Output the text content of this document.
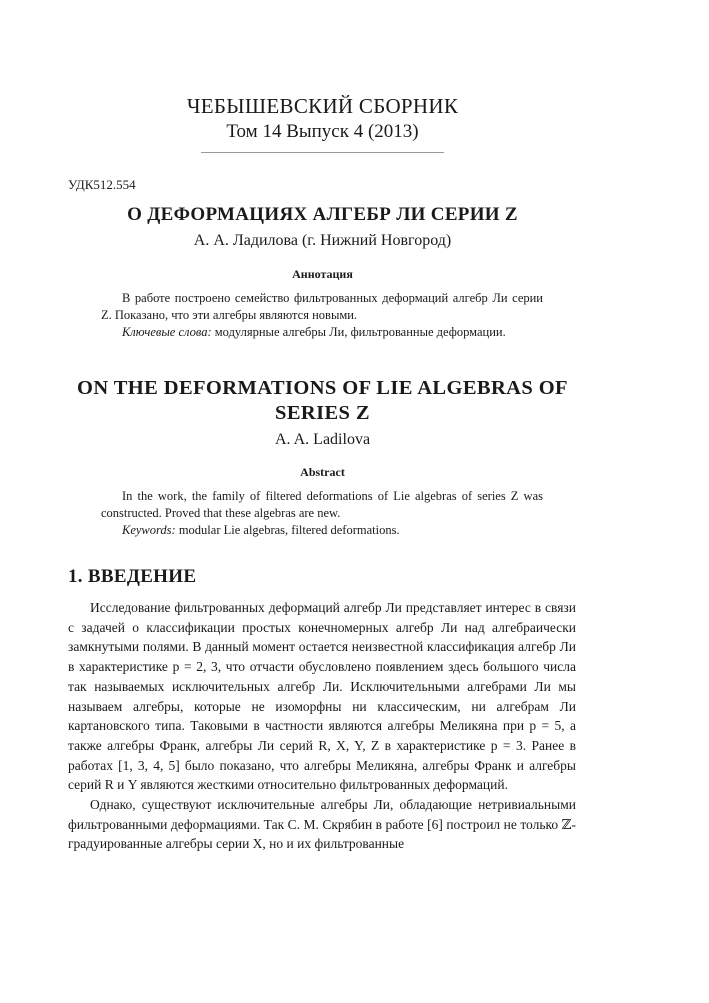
ЧЕБЫШЕВСКИЙ СБОРНИК
Том 14 Выпуск 4 (2013)
УДК512.554
О ДЕФОРМАЦИЯХ АЛГЕБР ЛИ СЕРИИ Z
А. А. Ладилова (г. Нижний Новгород)
Аннотация

В работе построено семейство фильтрованных деформаций алгебр Ли серии Z. Показано, что эти алгебры являются новыми.

Ключевые слова: модулярные алгебры Ли, фильтрованные деформации.

ON THE DEFORMATIONS OF LIE ALGEBRAS OF SERIES Z
A. A. Ladilova
Abstract

In the work, the family of filtered deformations of Lie algebras of series Z was constructed. Proved that these algebras are new.

Keywords: modular Lie algebras, filtered deformations.

1. ВВЕДЕНИЕ

Исследование фильтрованных деформаций алгебр Ли представляет интерес в связи с задачей о классификации простых конечномерных алгебр Ли над алгебраически замкнутыми полями. В данный момент остается неизвестной классификация алгебр Ли в характеристике p = 2, 3, что отчасти обусловлено появлением здесь большого числа так называемых исключительных алгебр Ли. Исключительными алгебрами Ли мы называем алгебры, которые не изоморфны ни классическим, ни алгебрам Ли картановского типа. Таковыми в частности являются алгебры Меликяна при p = 5, а также алгебры Франк, алгебры Ли серий R, X, Y, Z в характеристике p = 3. Ранее в работах [1, 3, 4, 5] было показано, что алгебры Меликяна, алгебры Франк и алгебры серий R и Y являются жесткими относительно фильтрованных деформаций.

Однако, существуют исключительные алгебры Ли, обладающие нетривиальными фильтрованными деформациями. Так С. М. Скрябин в работе [6] построил не только ℤ-градуированные алгебры серии X, но и их фильтрованные
